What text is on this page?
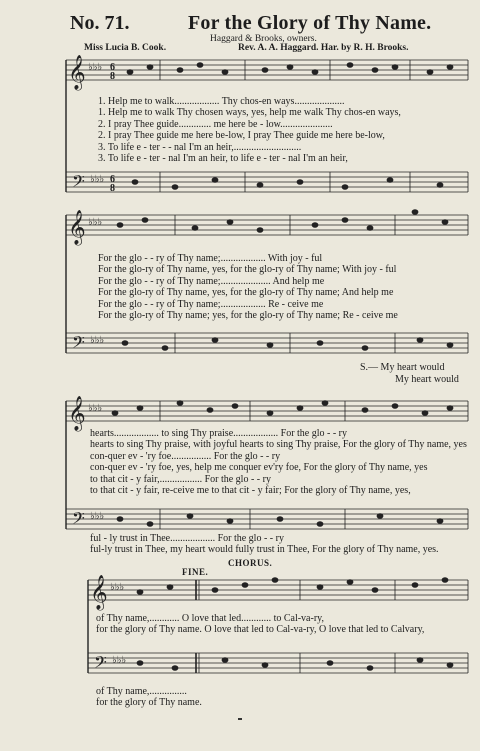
No. 71.	For the Glory of Thy Name.
Haggard & Brooks, owners.
Miss Lucia B. Cook.	Rev. A. A. Haggard. Har. by R. H. Brooks.
𝄞
𝄢
♭♭♭
♭♭♭
6
8
6
8
𝄞
𝄢
♭♭♭
♭♭♭
𝄞
𝄢
♭♭♭
♭♭♭
𝄞
𝄢
♭♭♭
♭♭♭
1. Help me to walk.................. Thy chos-en ways....................
1. Help me to walk Thy chosen ways, yes, help me walk Thy chos-en ways,
2. I pray Thee guide............. me here be - low.....................
2. I pray Thee guide me here be-low, I pray Thee guide me here be-low,
3. To life e - ter - - nal I'm an heir,...........................
3. To life e - ter - nal I'm an heir, to life e - ter - nal I'm an heir,
For the glo - - ry of Thy name;.................. With joy - ful
For the glo-ry of Thy name, yes, for the glo-ry of Thy name; With joy - ful
For the glo - - ry of Thy name;.................... And help me
For the glo-ry of Thy name, yes, for the glo-ry of Thy name; And help me
For the glo - - ry of Thy name;.................. Re - ceive me
For the glo-ry of Thy name; yes, for the glo-ry of Thy name; Re - ceive me
S.— My heart would
My heart would
hearts.................. to sing Thy praise.................. For the glo - - ry
hearts to sing Thy praise, with joyful hearts to sing Thy praise, For the glory of Thy name, yes
con-quer ev - 'ry foe................ For the glo - - ry
con-quer ev - 'ry foe, yes, help me conquer ev'ry foe, For the glory of Thy name, yes
to that cit - y fair,................. For the glo - - ry
to that cit - y fair, re-ceive me to that cit - y fair; For the glory of Thy name, yes,
ful - ly trust in Thee.................. For the glo - - ry
ful-ly trust in Thee, my heart would fully trust in Thee, For the glory of Thy name, yes.
FINE.
CHORUS.
of Thy name,............ O love that led............ to Cal-va-ry,
for the glory of Thy name. O love that led to Cal-va-ry, O love that led to Calvary,
of Thy name,...............
for the glory of Thy name.
